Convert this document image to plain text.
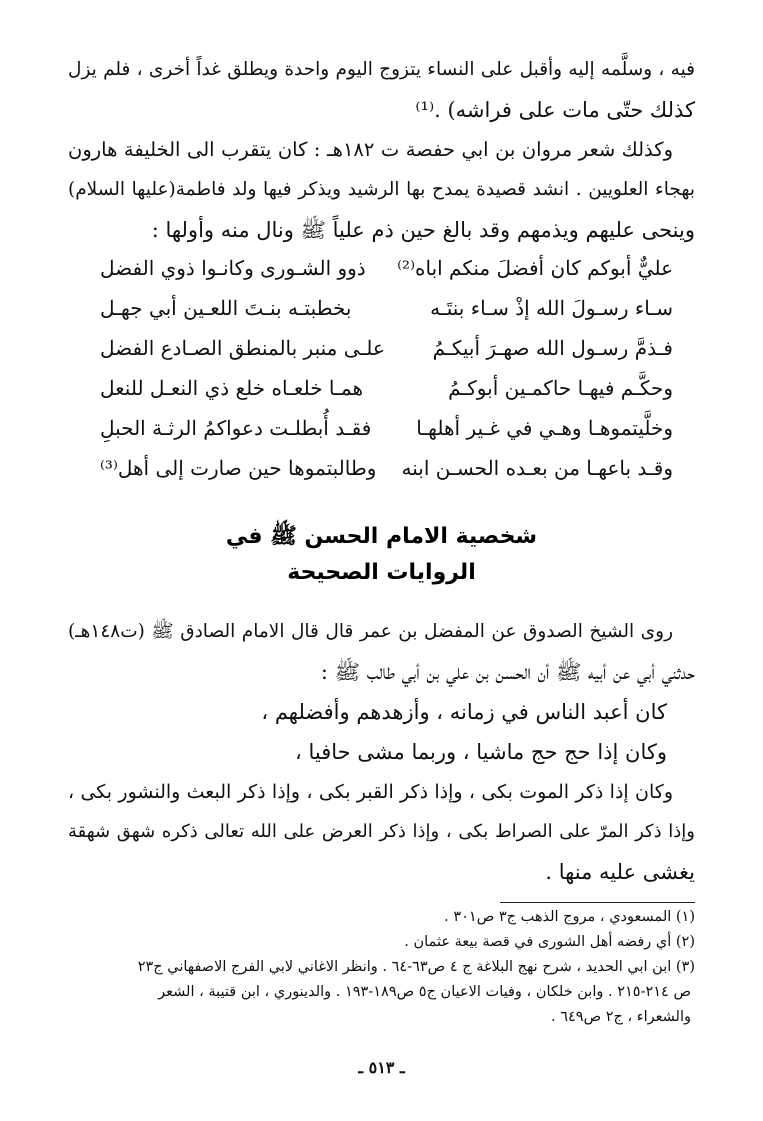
فيه ، وسلَّمه إليه وأقبل على النساء يتزوج اليوم واحدة ويطلق غداً أخرى ، فلم يزل
كذلك حتّى مات على فراشه) .⁽¹⁾
وكذلك شعر مروان بن ابي حفصة ت ١٨٢هـ : كان يتقرب الى الخليفة هارون
بهجاء العلويين . انشد قصيدة يمدح بها الرشيد ويذكر فيها ولد فاطمة(عليها السلام)
وينحى عليهم ويذمهم وقد بالغ حين ذم علياً ﷺ ونال منه وأولها :
عليٌّ أبوكم كان أفضلَ منكم اباه⁽²⁾
ذوو الشـورى وكانـوا ذوي الفضل
سـاء رسـولَ الله إذْ سـاء بنتَـه
بخطبتـه بنـتَ اللعـين أبي جهـل
فـذمَّ رسـول الله صهـرَ أبيكـمُ
علـى منبر بالمنطق الصـادع الفضل
وحكَّـم فيهـا حاكمـين أبوكـمُ
همـا خلعـاه خلع ذي النعـل للنعل
وخلَّيتموهـا وهـي في غـير أهلهـا
فقـد أُبطلـت دعواكمُ الرثـة الحبلِ
وقـد باعهـا من بعـده الحسـن ابنه
وطالبتموها حين صارت إلى أهل⁽³⁾
شخصية الامام الحسن ﷺ في
الروايات الصحيحة
روى الشيخ الصدوق عن المفضل بن عمر قال قال الامام الصادق ﷺ (ت١٤٨هـ)
حدثني أبي عن أبيه ﷺ أن الحسن بن علي بن أبي طالب ﷺ :
كان أعبد الناس في زمانه ، وأزهدهم وأفضلهم ،
وكان إذا حج حج ماشيا ، وربما مشى حافيا ،
وكان إذا ذكر الموت بكى ، وإذا ذكر القبر بكى ، وإذا ذكر البعث والنشور بكى ،
وإذا ذكر المرّ على الصراط بكى ، وإذا ذكر العرض على الله تعالى ذكره شهق شهقة
يغشى عليه منها .
(١) المسعودي ، مروج الذهب ج٣ ص٣٠١ .
(٢) أي رفضه أهل الشورى في قصة بيعة عثمان .
(٣) ابن ابي الحديد ، شرح نهج البلاغة ج ٤ ص٦٣-٦٤ . وانظر الاغاني لابي الفرج الاصفهاني ج٢٣
ص ٢١٤-٢١٥ . وابن خلكان ، وفيات الاعيان ج٥ ص١٨٩-١٩٣ . والدينوري ، ابن قتيبة ، الشعر
والشعراء ، ج٢ ص٦٤٩ .
ـ ٥١٣ ـ
